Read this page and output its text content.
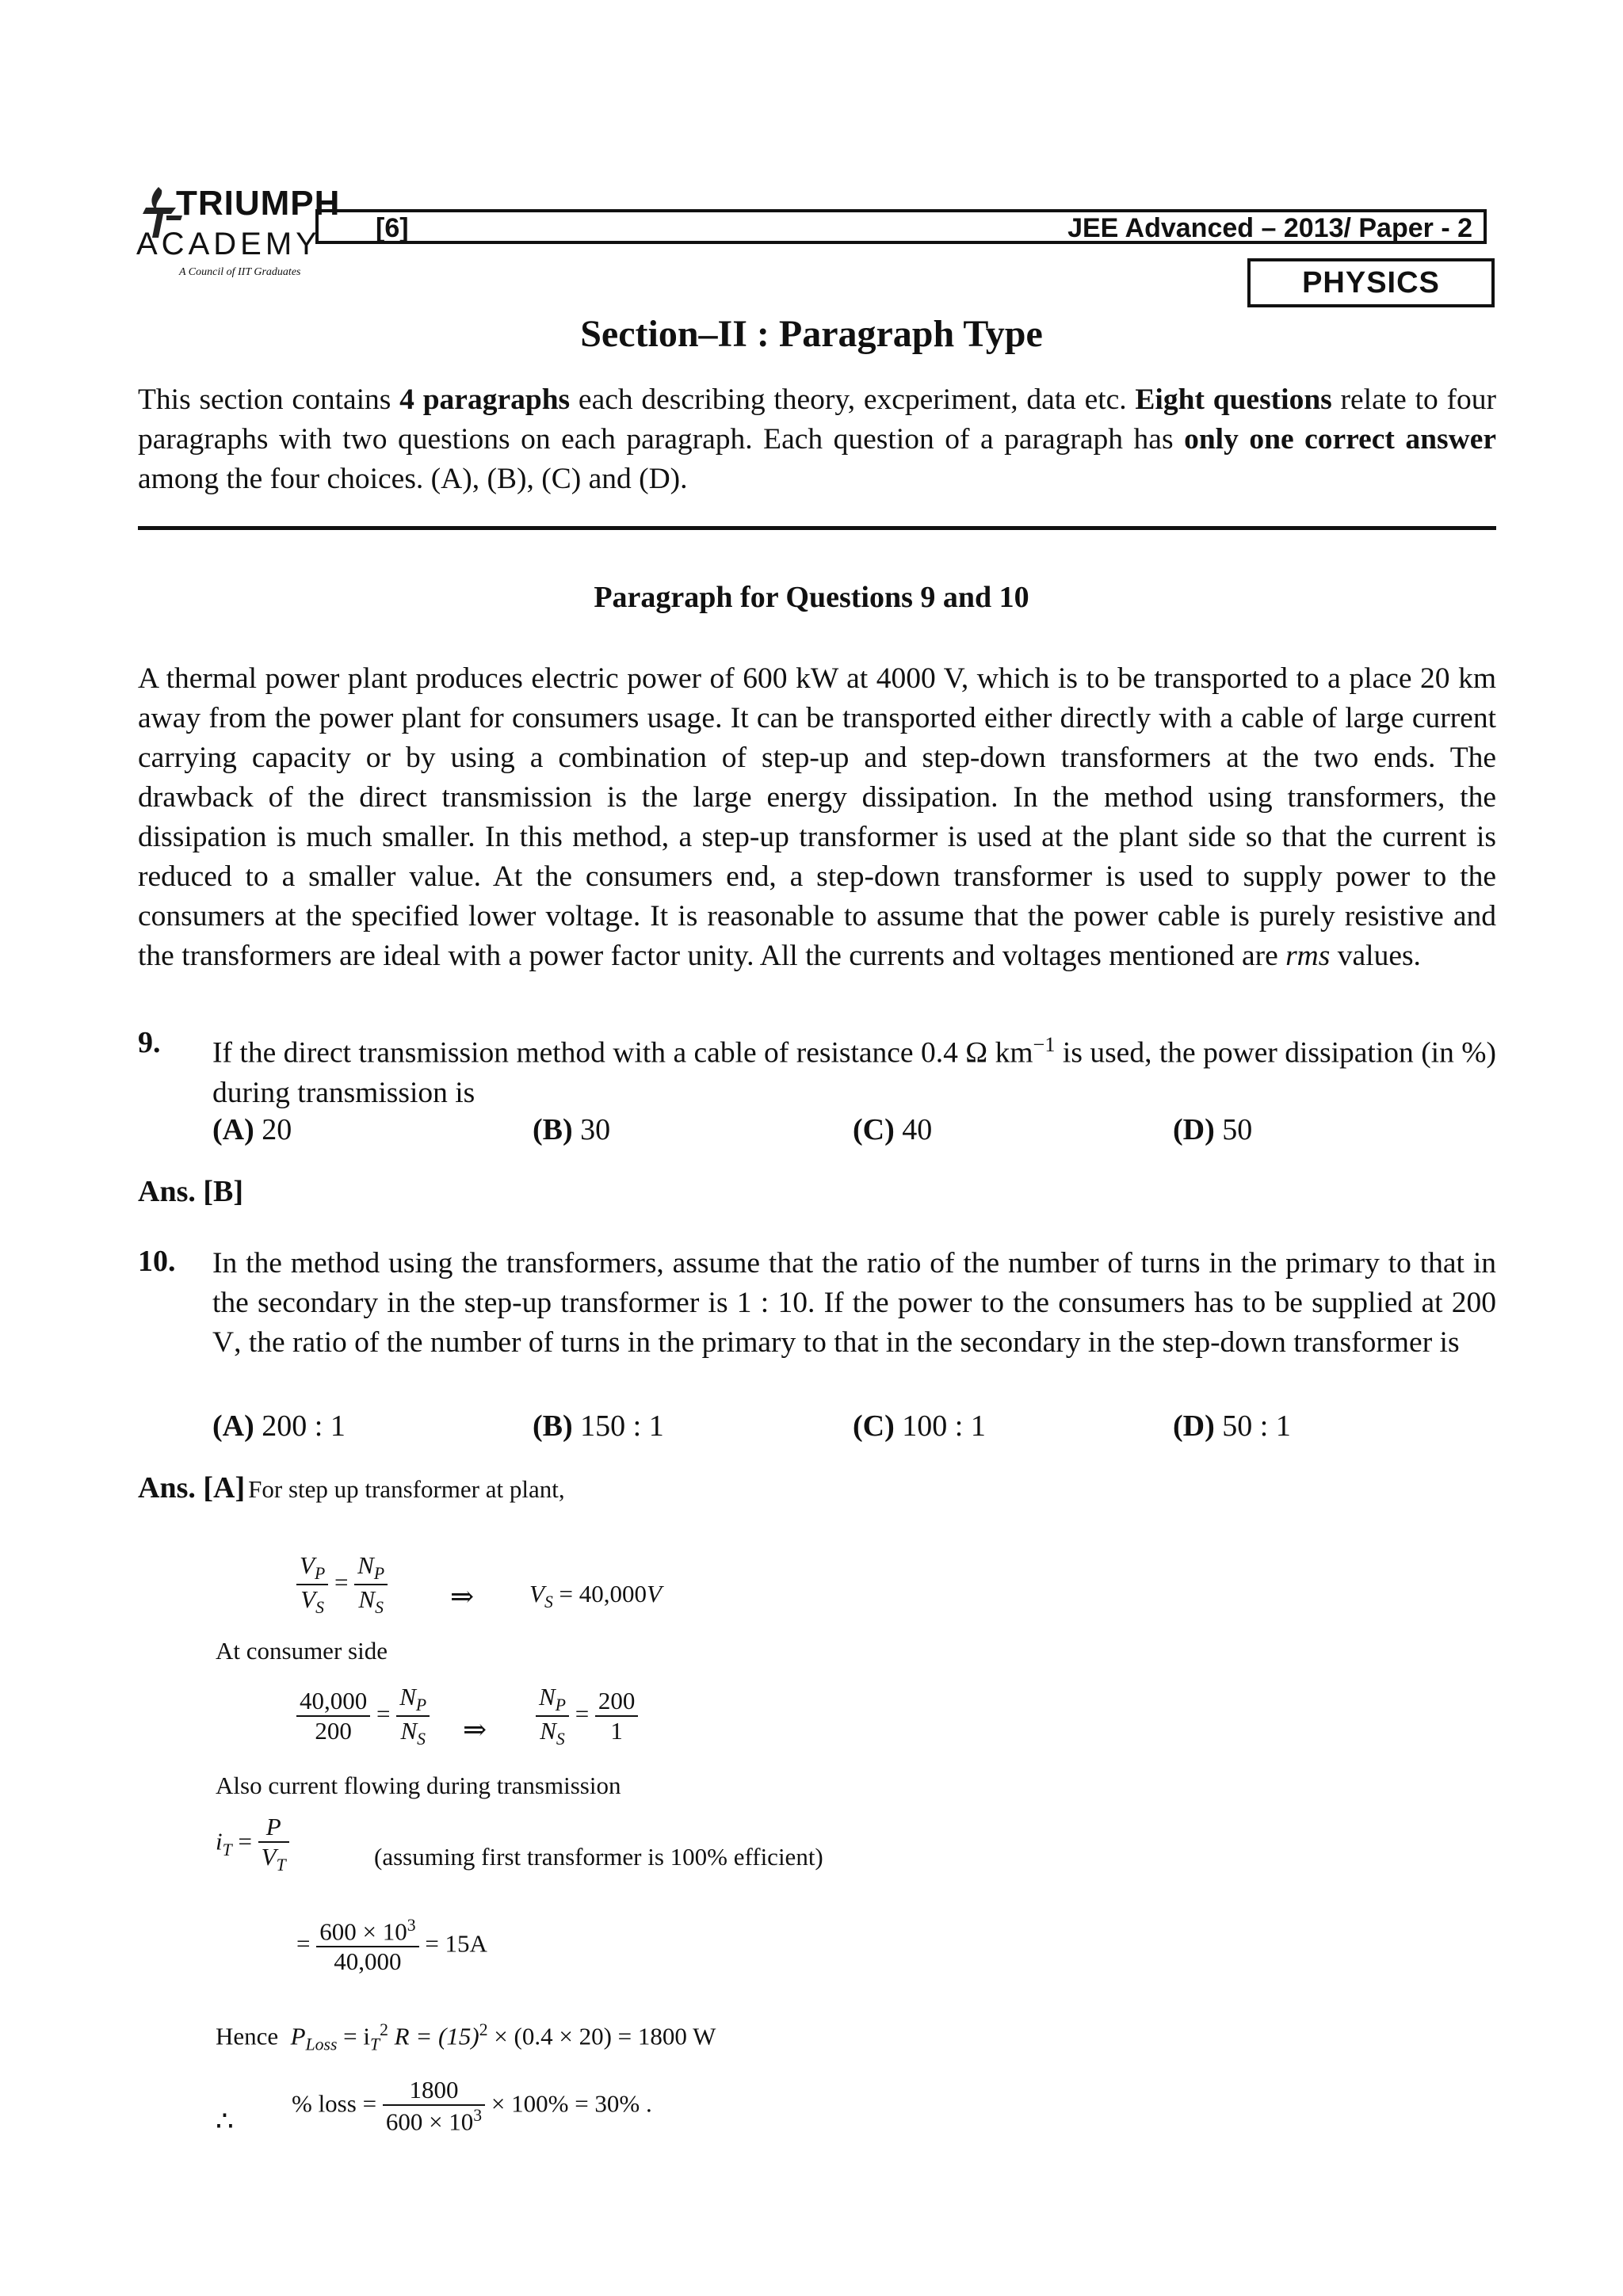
TRIUMPH
ACADEMY
A Council of IIT Graduates
[6]	JEE Advanced – 2013/ Paper - 2
PHYSICS
Section–II : Paragraph Type
This section contains 4 paragraphs each describing theory, excperiment, data etc. Eight questions relate to four paragraphs with two questions on each paragraph. Each question of a paragraph has only one correct answer among the four choices. (A), (B), (C) and (D).
Paragraph for Questions 9 and 10
A thermal power plant produces electric power of 600 kW at 4000 V, which is to be transported to a place 20 km away from the power plant for consumers usage. It can be transported either directly with a cable of large current carrying capacity or by using a combination of step-up and step-down transformers at the two ends. The drawback of the direct transmission is the large energy dissipation. In the method using transformers, the dissipation is much smaller. In this method, a step-up transformer is used at the plant side so that the current is reduced to a smaller value. At the consumers end, a step-down transformer is used to supply power to the consumers at the specified lower voltage. It is reasonable to assume that the power cable is purely resistive and the transformers are ideal with a power factor unity. All the currents and voltages mentioned are rms values.
9. If the direct transmission method with a cable of resistance 0.4 Ω $km^{-1}$ is used, the power dissipation (in %) during transmission is
(A) 20	(B) 30	(C) 40	(D) 50
Ans. [B]
10. In the method using the transformers, assume that the ratio of the number of turns in the primary to that in the secondary in the step-up transformer is 1 : 10. If the power to the consumers has to be supplied at 200 V, the ratio of the number of turns in the primary to that in the secondary in the step-down transformer is
(A) 200 : 1	(B) 150 : 1	(C) 100 : 1	(D) 50 : 1
Ans. [A] For step up transformer at plant,
$\frac{V_P}{V_S} = \frac{N_P}{N_S}$ ⇒ $V_S = 40,000V$
At consumer side
$\frac{40,000}{200} = \frac{N_P}{N_S}$ ⇒ $\frac{N_P}{N_S} = \frac{200}{1}$
Also current flowing during transmission
$i_T = \frac{P}{V_T}$	(assuming first transformer is 100% efficient)
= $\frac{600 \times 10^3}{40,000} = 15A$
Hence $P_{Loss} = i_T^2$ $R = (15)^2 \times (0.4 \times 20) = 1800$ W
∴
% loss = $\frac{1800}{600 \times 10^3} \times 100\% = 30\%$ .
